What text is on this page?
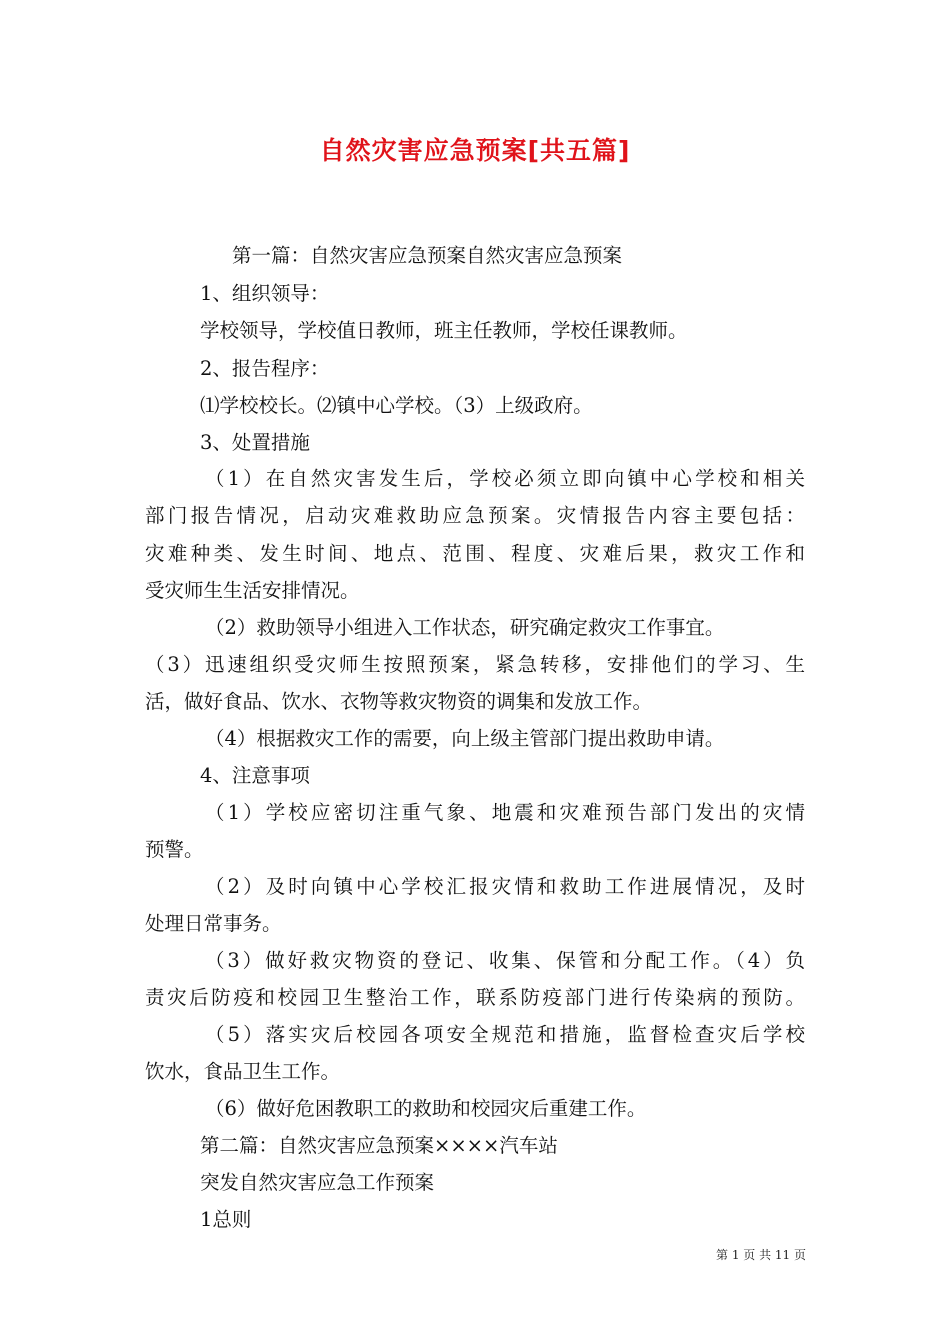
自然灾害应急预案[共五篇]
第一篇：自然灾害应急预案自然灾害应急预案
1、组织领导：
学校领导，学校值日教师，班主任教师，学校任课教师。
2、报告程序：
⑴学校校长。⑵镇中心学校。（3）上级政府。
3、处置措施
（1）在自然灾害发生后，学校必须立即向镇中心学校和相关
部门报告情况，启动灾难救助应急预案。灾情报告内容主要包括：
灾难种类、发生时间、地点、范围、程度、灾难后果，救灾工作和
受灾师生生活安排情况。
（2）救助领导小组进入工作状态，研究确定救灾工作事宜。
（3）迅速组织受灾师生按照预案，紧急转移，安排他们的学习、生
活，做好食品、饮水、衣物等救灾物资的调集和发放工作。
（4）根据救灾工作的需要，向上级主管部门提出救助申请。
4、注意事项
（1）学校应密切注重气象、地震和灾难预告部门发出的灾情
预警。
（2）及时向镇中心学校汇报灾情和救助工作进展情况，及时
处理日常事务。
（3）做好救灾物资的登记、收集、保管和分配工作。（4）负
责灾后防疫和校园卫生整治工作，联系防疫部门进行传染病的预防。
（5）落实灾后校园各项安全规范和措施，监督检查灾后学校
饮水，食品卫生工作。
（6）做好危困教职工的救助和校园灾后重建工作。
第二篇：自然灾害应急预案××××汽车站
突发自然灾害应急工作预案
1总则
第 1 页 共 11 页
